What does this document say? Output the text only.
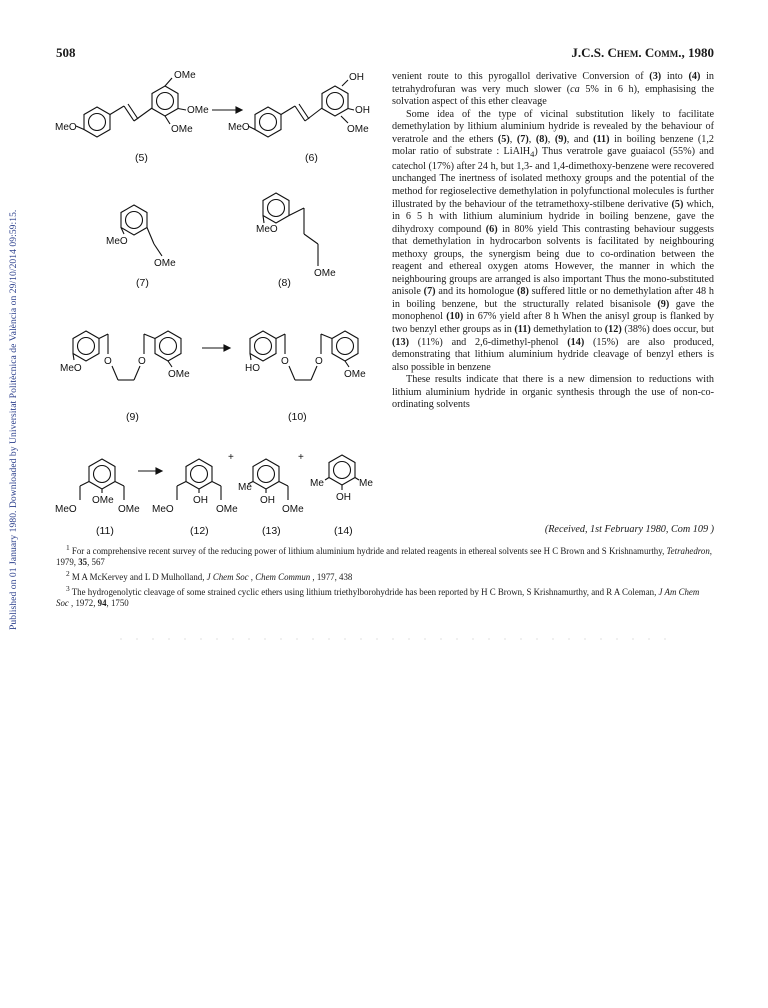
Published on 01 January 1980. Downloaded by Universitat Politècnica de València on 29/10/2014 09:59:15.
508	J.C.S. Chem. Comm., 1980
OMe
OMe
OMe
MeO
OH
OH
OMe
MeO
(5)	(6)
MeO
OMe
(7)
MeO
OMe
(8)
O	O
MeO
OMe
O	O
HO
OMe
(9)	(10)
OMe
MeO	OMe
OH
MeO	OMe
+
Me
OH
OMe
+
Me	Me
OH
(11)	(12)	(13)	(14)

venient route to this pyrogallol derivative Conversion of (3) into (4) in tetrahydrofuran was very much slower (ca 5% in 6 h), emphasising the solvation aspect of this ether cleavage

Some idea of the type of vicinal substitution likely to facilitate demethylation by lithium aluminium hydride is revealed by the behaviour of veratrole and the ethers (5), (7), (8), (9), and (11) in boiling benzene (1,2 molar ratio of substrate : LiAlH$_4$) Thus veratrole gave guaiacol (55%) and catechol (17%) after 24 h, but 1,3- and 1,4-dimethoxy-benzene were recovered unchanged The inertness of isolated methoxy groups and the potential of the method for regioselective demethylation in polyfunctional molecules is further illustrated by the behaviour of the tetramethoxy-stilbene derivative (5) which, in 6 5 h with lithium aluminium hydride in boiling benzene, gave the dihydroxy compound (6) in 80% yield This contrasting behaviour suggests that demethylation in hydrocarbon solvents is facilitated by neighbouring methoxy groups, the synergism being due to co-ordination between the reagent and ethereal oxygen atoms However, the manner in which the neighbouring groups are arranged is also important Thus the mono-substituted anisole (7) and its homologue (8) suffered little or no demethylation after 48 h in boiling benzene, but the structurally related bisanisole (9) gave the monophenol (10) in 67% yield after 8 h When the anisyl group is flanked by two benzyl ether groups as in (11) demethylation to (12) (38%) does occur, but (13) (11%) and 2,6-dimethyl-phenol (14) (15%) are also produced, demonstrating that lithium aluminium hydride cleavage of benzyl ethers is also possible in benzene

These results indicate that there is a new dimension to reductions with lithium aluminium hydride in organic synthesis through the use of non-co-ordinating solvents

(Received, 1st February 1980, Com 109 )

$^1$ For a comprehensive recent survey of the reducing power of lithium aluminium hydride and related reagents in ethereal solvents see H C Brown and S Krishnamurthy, Tetrahedron, 1979, 35, 567

$^2$ M A McKervey and L D Mulholland, J Chem Soc , Chem Commun , 1977, 438

$^3$ The hydrogenolytic cleavage of some strained cyclic ethers using lithium triethylborohydride has been reported by H C Brown, S Krishnamurthy, and R A Coleman, J Am Chem Soc , 1972, 94, 1750
